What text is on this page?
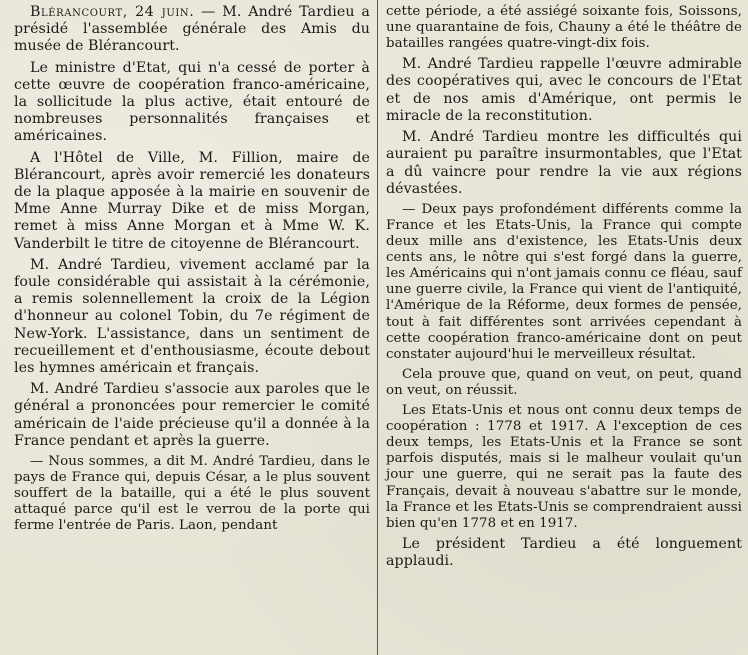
Blérancourt, 24 juin. — M. André Tardieu a présidé l'assemblée générale des Amis du musée de Blérancourt.

Le ministre d'Etat, qui n'a cessé de porter à cette œuvre de coopération franco-américaine, la sollicitude la plus active, était entouré de nombreuses personnalités françaises et américaines.

A l'Hôtel de Ville, M. Fillion, maire de Blérancourt, après avoir remercié les donateurs de la plaque apposée à la mairie en souvenir de Mme Anne Murray Dike et de miss Morgan, remet à miss Anne Morgan et à Mme W. K. Vanderbilt le titre de citoyenne de Blérancourt.

M. André Tardieu, vivement acclamé par la foule considérable qui assistait à la cérémonie, a remis solennellement la croix de la Légion d'honneur au colonel Tobin, du 7e régiment de New-York. L'assistance, dans un sentiment de recueillement et d'enthousiasme, écoute debout les hymnes américain et français.

M. André Tardieu s'associe aux paroles que le général a prononcées pour remercier le comité américain de l'aide précieuse qu'il a donnée à la France pendant et après la guerre.

— Nous sommes, a dit M. André Tardieu, dans le pays de France qui, depuis César, a le plus souvent souffert de la bataille, qui a été le plus souvent attaqué parce qu'il est le verrou de la porte qui ferme l'entrée de Paris. Laon, pendant

cette période, a été assiégé soixante fois, Soissons, une quarantaine de fois, Chauny a été le théâtre de batailles rangées quatre-vingt-dix fois.

M. André Tardieu rappelle l'œuvre admirable des coopératives qui, avec le concours de l'Etat et de nos amis d'Amérique, ont permis le miracle de la reconstitution.

M. André Tardieu montre les difficultés qui auraient pu paraître insurmontables, que l'Etat a dû vaincre pour rendre la vie aux régions dévastées.

— Deux pays profondément différents comme la France et les Etats-Unis, la France qui compte deux mille ans d'existence, les Etats-Unis deux cents ans, le nôtre qui s'est forgé dans la guerre, les Américains qui n'ont jamais connu ce fléau, sauf une guerre civile, la France qui vient de l'antiquité, l'Amérique de la Réforme, deux formes de pensée, tout à fait différentes sont arrivées cependant à cette coopération franco-américaine dont on peut constater aujourd'hui le merveilleux résultat.

Cela prouve que, quand on veut, on peut, quand on veut, on réussit.

Les Etats-Unis et nous ont connu deux temps de coopération : 1778 et 1917. A l'exception de ces deux temps, les Etats-Unis et la France se sont parfois disputés, mais si le malheur voulait qu'un jour une guerre, qui ne serait pas la faute des Français, devait à nouveau s'abattre sur le monde, la France et les Etats-Unis se comprendraient aussi bien qu'en 1778 et en 1917.

Le président Tardieu a été longuement applaudi.
